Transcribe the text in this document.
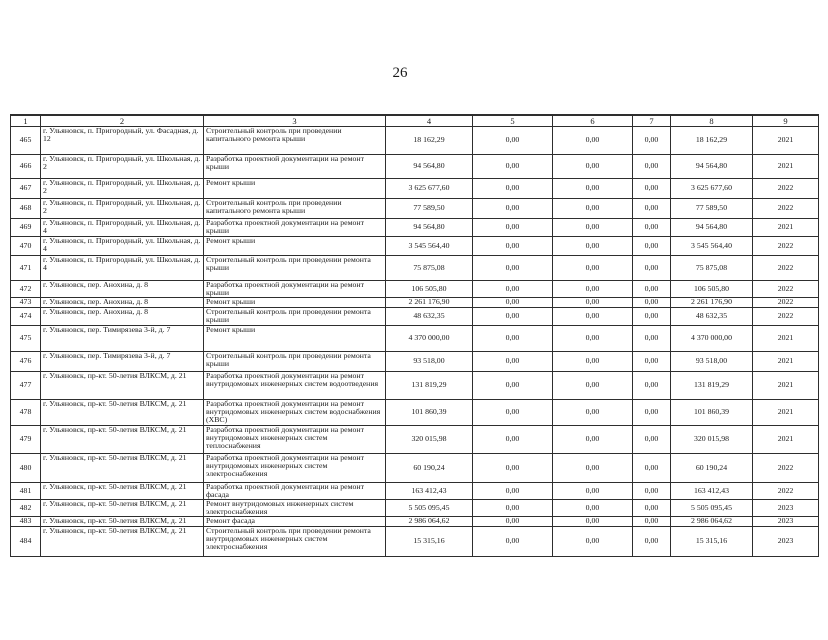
26
1	2	3	4	5	6	7	8	9
465	г. Ульяновск, п. Пригородный, ул. Фасадная, д. 12	Строительный контроль при проведении капитального ремонта крыши	18 162,29	0,00	0,00	0,00	18 162,29	2021
466	г. Ульяновск, п. Пригородный, ул. Школьная, д. 2	Разработка проектной документации на ремонт крыши	94 564,80	0,00	0,00	0,00	94 564,80	2021
467	г. Ульяновск, п. Пригородный, ул. Школьная, д. 2	Ремонт крыши	3 625 677,60	0,00	0,00	0,00	3 625 677,60	2022
468	г. Ульяновск, п. Пригородный, ул. Школьная, д. 2	Строительный контроль при проведении капитального ремонта крыши	77 589,50	0,00	0,00	0,00	77 589,50	2022
469	г. Ульяновск, п. Пригородный, ул. Школьная, д. 4	Разработка проектной документации на ремонт крыши	94 564,80	0,00	0,00	0,00	94 564,80	2021
470	г. Ульяновск, п. Пригородный, ул. Школьная, д. 4	Ремонт крыши	3 545 564,40	0,00	0,00	0,00	3 545 564,40	2022
471	г. Ульяновск, п. Пригородный, ул. Школьная, д. 4	Строительный контроль при проведении ремонта крыши	75 875,08	0,00	0,00	0,00	75 875,08	2022
472	г. Ульяновск, пер. Анохина, д. 8	Разработка проектной документации на ремонт крыши	106 505,80	0,00	0,00	0,00	106 505,80	2022
473	г. Ульяновск, пер. Анохина, д. 8	Ремонт крыши	2 261 176,90	0,00	0,00	0,00	2 261 176,90	2022
474	г. Ульяновск, пер. Анохина, д. 8	Строительный контроль при проведении ремонта крыши	48 632,35	0,00	0,00	0,00	48 632,35	2022
475	г. Ульяновск, пер. Тимирязева 3-й, д. 7	Ремонт крыши	4 370 000,00	0,00	0,00	0,00	4 370 000,00	2021
476	г. Ульяновск, пер. Тимирязева 3-й, д. 7	Строительный контроль при проведении ремонта крыши	93 518,00	0,00	0,00	0,00	93 518,00	2021
477	г. Ульяновск, пр-кт. 50-летия ВЛКСМ, д. 21	Разработка проектной документации на ремонт внутридомовых инженерных систем водоотведения	131 819,29	0,00	0,00	0,00	131 819,29	2021
478	г. Ульяновск, пр-кт. 50-летия ВЛКСМ, д. 21	Разработка проектной документации на ремонт внутридомовых инженерных систем водоснабжения (ХВС)	101 860,39	0,00	0,00	0,00	101 860,39	2021
479	г. Ульяновск, пр-кт. 50-летия ВЛКСМ, д. 21	Разработка проектной документации на ремонт внутридомовых инженерных систем теплоснабжения	320 015,98	0,00	0,00	0,00	320 015,98	2021
480	г. Ульяновск, пр-кт. 50-летия ВЛКСМ, д. 21	Разработка проектной документации на ремонт внутридомовых инженерных систем электроснабжения	60 190,24	0,00	0,00	0,00	60 190,24	2022
481	г. Ульяновск, пр-кт. 50-летия ВЛКСМ, д. 21	Разработка проектной документации на ремонт фасада	163 412,43	0,00	0,00	0,00	163 412,43	2022
482	г. Ульяновск, пр-кт. 50-летия ВЛКСМ, д. 21	Ремонт внутридомовых инженерных систем электроснабжения	5 505 095,45	0,00	0,00	0,00	5 505 095,45	2023
483	г. Ульяновск, пр-кт. 50-летия ВЛКСМ, д. 21	Ремонт фасада	2 986 064,62	0,00	0,00	0,00	2 986 064,62	2023
484	г. Ульяновск, пр-кт. 50-летия ВЛКСМ, д. 21	Строительный контроль при проведении ремонта внутридомовых инженерных систем электроснабжения	15 315,16	0,00	0,00	0,00	15 315,16	2023
